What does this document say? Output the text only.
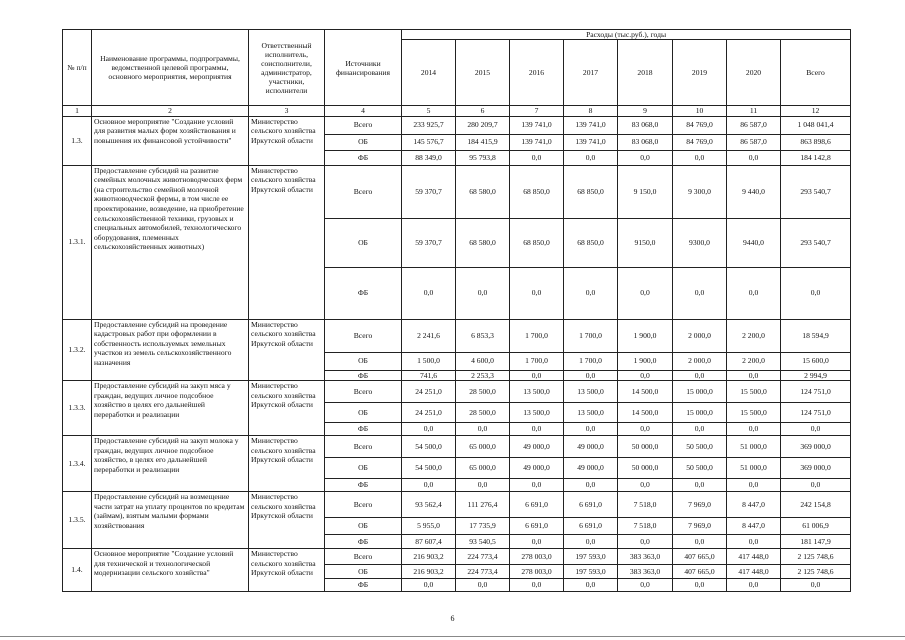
№ п/п	Наименование программы, подпрограммы, ведомственной целевой программы, основного мероприятия, мероприятия	Ответственный исполнитель, соисполнители, администратор, участники, исполнители	Источники финансирования	Расходы (тыс.руб.), годы							
				2014	2015	2016	2017	2018	2019	2020	Всего
1	2	3	4	5	6	7	8	9	10	11	12
1.3.	Основное мероприятие "Создание условий для развития малых форм хозяйствования и повышения их финансовой устойчивости"	Министерство сельского хозяйства Иркутской области	Всего	233 925,7	280 209,7	139 741,0	139 741,0	83 068,0	84 769,0	86 587,0	1 048 041,4
			ОБ	145 576,7	184 415,9	139 741,0	139 741,0	83 068,0	84 769,0	86 587,0	863 898,6
			ФБ	88 349,0	95 793,8	0,0	0,0	0,0	0,0	0,0	184 142,8
1.3.1.	Предоставление субсидий на развитие семейных молочных животноводческих ферм (на строительство семейной молочной животноводческой фермы, в том числе ее проектирование, возведение, на приобретение сельскохозяйственной техники, грузовых и специальных автомобилей, технологического оборудования, племенных сельскохозяйственных животных)	Министерство сельского хозяйства Иркутской области	Всего	59 370,7	68 580,0	68 850,0	68 850,0	9 150,0	9 300,0	9 440,0	293 540,7
			ОБ	59 370,7	68 580,0	68 850,0	68 850,0	9150,0	9300,0	9440,0	293 540,7
			ФБ	0,0	0,0	0,0	0,0	0,0	0,0	0,0	0,0
1.3.2.	Предоставление субсидий на проведение кадастровых работ при оформлении в собственность используемых земельных участков из земель сельскохозяйственного назначения	Министерство сельского хозяйства Иркутской области	Всего	2 241,6	6 853,3	1 700,0	1 700,0	1 900,0	2 000,0	2 200,0	18 594,9
			ОБ	1 500,0	4 600,0	1 700,0	1 700,0	1 900,0	2 000,0	2 200,0	15 600,0
			ФБ	741,6	2 253,3	0,0	0,0	0,0	0,0	0,0	2 994,9
1.3.3.	Предоставление субсидий на закуп мяса у граждан, ведущих личное подсобное хозяйство в целях его дальнейшей переработки и реализации	Министерство сельского хозяйства Иркутской области	Всего	24 251,0	28 500,0	13 500,0	13 500,0	14 500,0	15 000,0	15 500,0	124 751,0
			ОБ	24 251,0	28 500,0	13 500,0	13 500,0	14 500,0	15 000,0	15 500,0	124 751,0
			ФБ	0,0	0,0	0,0	0,0	0,0	0,0	0,0	0,0
1.3.4.	Предоставление субсидий на закуп молока у граждан, ведущих личное подсобное хозяйство, в целях его дальнейшей переработки и реализации	Министерство сельского хозяйства Иркутской области	Всего	54 500,0	65 000,0	49 000,0	49 000,0	50 000,0	50 500,0	51 000,0	369 000,0
			ОБ	54 500,0	65 000,0	49 000,0	49 000,0	50 000,0	50 500,0	51 000,0	369 000,0
			ФБ	0,0	0,0	0,0	0,0	0,0	0,0	0,0	0,0
1.3.5.	Предоставление субсидий на возмещение части затрат на уплату процентов по кредитам (займам), взятым малыми формами хозяйствования	Министерство сельского хозяйства Иркутской области	Всего	93 562,4	111 276,4	6 691,0	6 691,0	7 518,0	7 969,0	8 447,0	242 154,8
			ОБ	5 955,0	17 735,9	6 691,0	6 691,0	7 518,0	7 969,0	8 447,0	61 006,9
			ФБ	87 607,4	93 540,5	0,0	0,0	0,0	0,0	0,0	181 147,9
1.4.	Основное мероприятие "Создание условий для технической и технологической модернизации сельского хозяйства"	Министерство сельского хозяйства Иркутской области	Всего	216 903,2	224 773,4	278 003,0	197 593,0	383 363,0	407 665,0	417 448,0	2 125 748,6
			ОБ	216 903,2	224 773,4	278 003,0	197 593,0	383 363,0	407 665,0	417 448,0	2 125 748,6
			ФБ	0,0	0,0	0,0	0,0	0,0	0,0	0,0	0,0
6
